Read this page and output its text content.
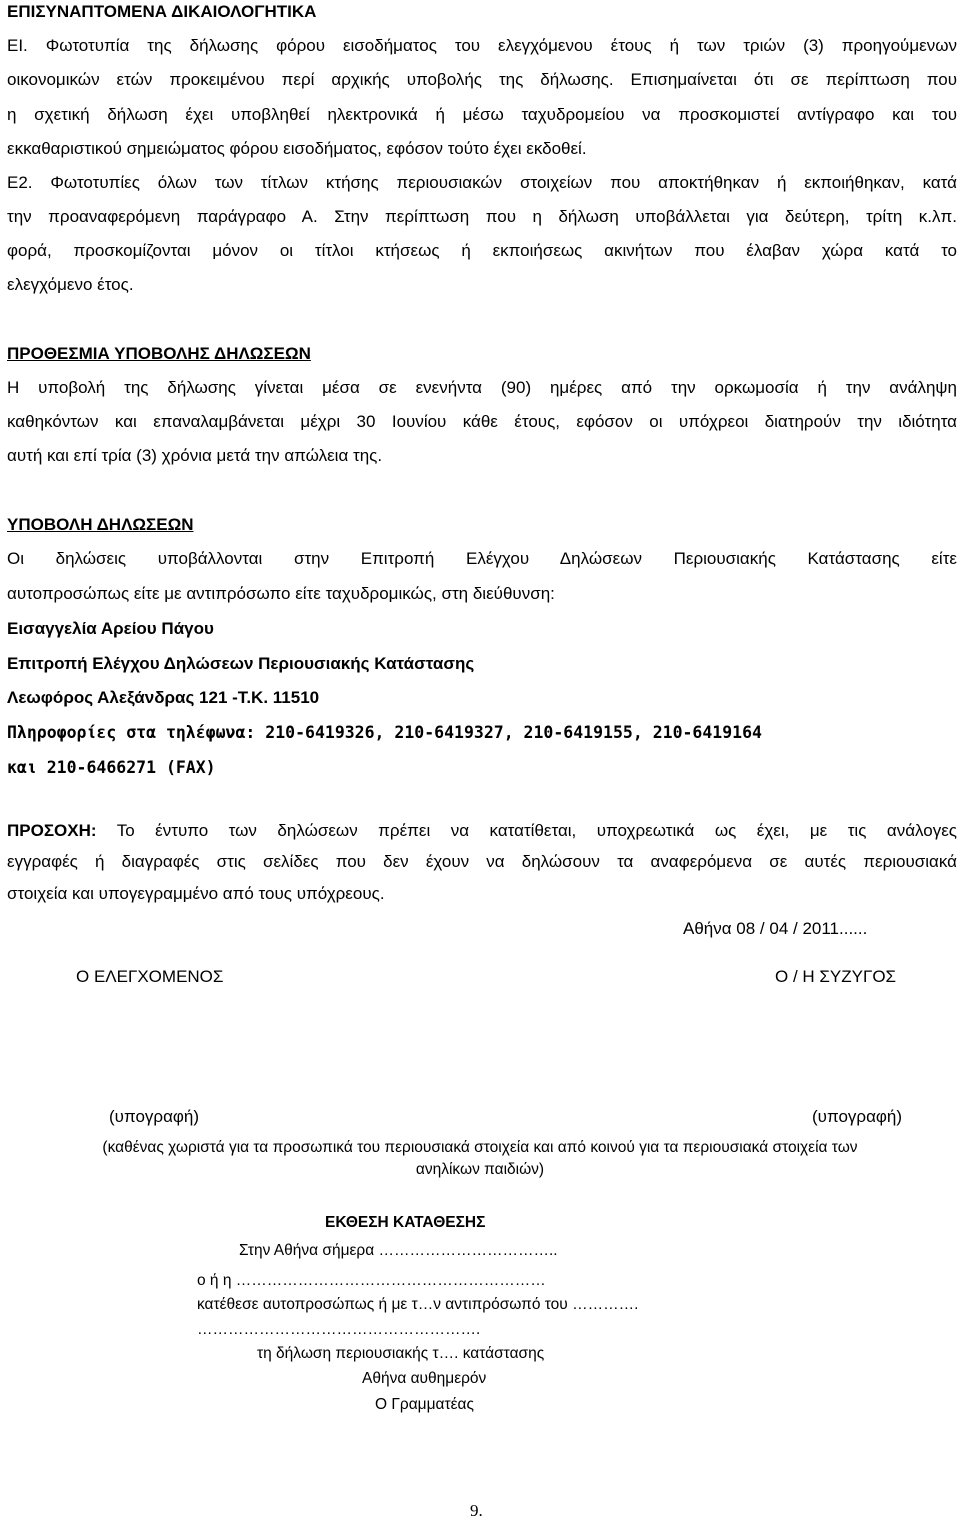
ΕΠΙΣΥΝΑΠΤΟΜΕΝΑ ΔΙΚΑΙΟΛΟΓΗΤΙΚΑ
ΕΙ. Φωτοτυπία της δήλωσης φόρου εισοδήματος του ελεγχόμενου έτους ή των τριών (3) προηγούμενων
οικονομικών ετών προκειμένου περί αρχικής υποβολής της δήλωσης. Επισημαίνεται ότι σε περίπτωση που
η σχετική δήλωση έχει υποβληθεί ηλεκτρονικά ή μέσω ταχυδρομείου να προσκομιστεί αντίγραφο και του
εκκαθαριστικού σημειώματος φόρου εισοδήματος, εφόσον τούτο έχει εκδοθεί.
Ε2. Φωτοτυπίες όλων των τίτλων κτήσης περιουσιακών στοιχείων που αποκτήθηκαν ή εκποιήθηκαν, κατά
την προαναφερόμενη παράγραφο Α. Στην περίπτωση που η δήλωση υποβάλλεται για δεύτερη, τρίτη κ.λπ.
φορά, προσκομίζονται μόνον οι τίτλοι κτήσεως ή εκποιήσεως ακινήτων που έλαβαν χώρα κατά το
ελεγχόμενο έτος.
ΠΡΟΘΕΣΜΙΑ ΥΠΟΒΟΛΗΣ ΔΗΛΩΣΕΩΝ
Η υποβολή της δήλωσης γίνεται μέσα σε ενενήντα (90) ημέρες από την ορκωμοσία ή την ανάληψη
καθηκόντων και επαναλαμβάνεται μέχρι 30 Ιουνίου κάθε έτους, εφόσον οι υπόχρεοι διατηρούν την ιδιότητα
αυτή και επί τρία (3) χρόνια μετά την απώλεια της.
ΥΠΟΒΟΛΗ ΔΗΛΩΣΕΩΝ
Οι δηλώσεις υποβάλλονται στην Επιτροπή Ελέγχου Δηλώσεων Περιουσιακής Κατάστασης είτε
αυτοπροσώπως είτε με αντιπρόσωπο είτε ταχυδρομικώς, στη διεύθυνση:
Εισαγγελία Αρείου Πάγου
Επιτροπή Ελέγχου Δηλώσεων Περιουσιακής Κατάστασης
Λεωφόρος Αλεξάνδρας 121 -Τ.Κ. 11510
Πληροφορίες στα τηλέφωνα: 210-6419326, 210-6419327, 210-6419155, 210-6419164
και 210-6466271 (FAX)
ΠΡΟΣΟΧΗ: Το έντυπο των δηλώσεων πρέπει να κατατίθεται, υποχρεωτικά ως έχει, με τις ανάλογες
εγγραφές ή διαγραφές στις σελίδες που δεν έχουν να δηλώσουν τα αναφερόμενα σε αυτές περιουσιακά
στοιχεία και υπογεγραμμένο από τους υπόχρεους.
Αθήνα 08 / 04 / 2011......
Ο ΕΛΕΓΧΟΜΕΝΟΣ	Ο / Η ΣΥΖΥΓΟΣ
(υπογραφή)	(υπογραφή)
(καθένας χωριστά για τα προσωπικά του περιουσιακά στοιχεία και από κοινού για τα περιουσιακά στοιχεία των
ανηλίκων παιδιών)
ΕΚΘΕΣΗ ΚΑΤΑΘΕΣΗΣ
Στην Αθήνα σήμερα ……………………………..
ο ή η ……………………………………………………
κατέθεσε αυτοπροσώπως ή με τ…ν αντιπρόσωπό του ………….
……………………………………………….
τη δήλωση περιουσιακής τ…. κατάστασης
Αθήνα αυθημερόν
Ο Γραμματέας
9.
